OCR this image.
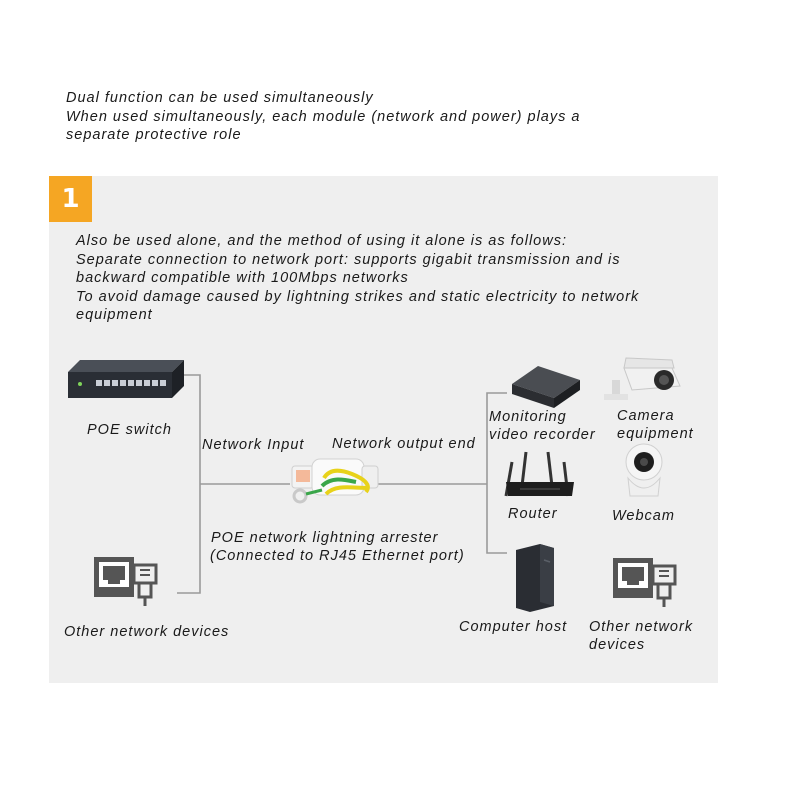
Dual function can be used simultaneously
When used simultaneously, each module (network and power) plays a
separate protective role
1
Also be used alone, and the method of using it alone is as follows:
Separate connection to network port: supports gigabit transmission and is
backward compatible with 100Mbps networks
To avoid damage caused by lightning strikes and static electricity to network
equipment
POE switch
Other network devices
Network Input Network output end
POE network lightning arrester
(Connected to RJ45 Ethernet port)
Monitoring
video recorder
Camera
equipment
Router	Webcam
Computer host Other network
devices
